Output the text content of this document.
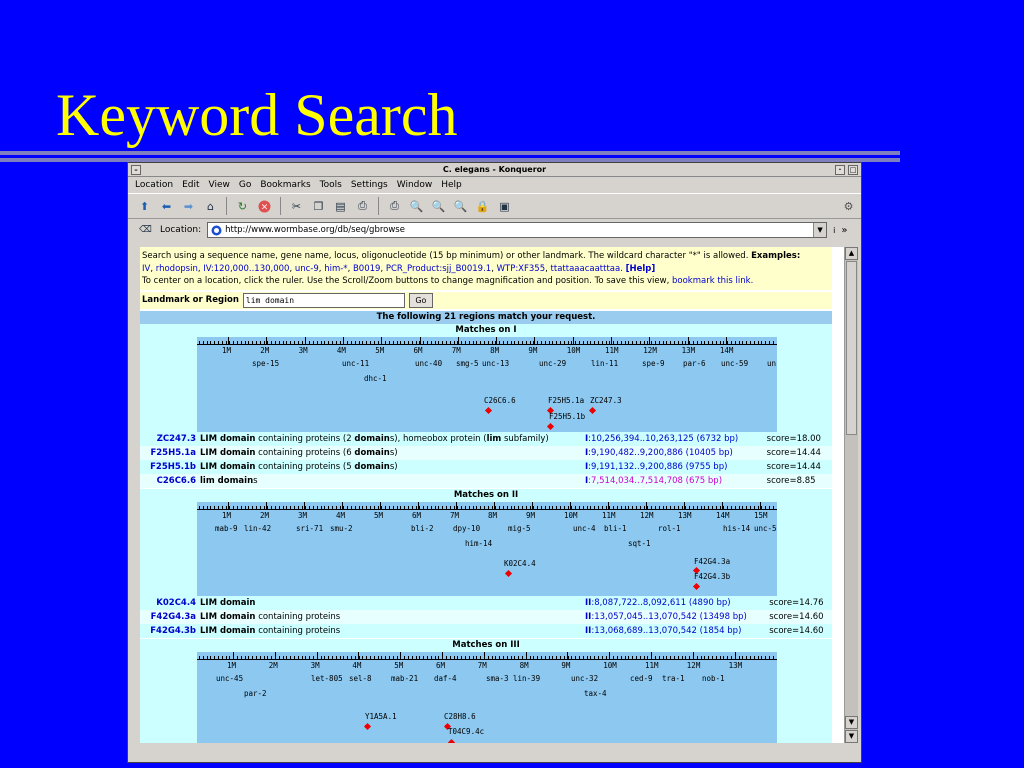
Keyword Search
–	C. elegans - Konqueror	·	□
Location Edit View Go Bookmarks Tools Settings Window Help
⬆	⬅	➡	⌂	↻	×	✂	❐	▤	⎙	⎙ 🔍 🔍 🔍 🔒 ▣	⚙
⌫ Location:	http://www.wormbase.org/db/seq/gbrowse	▼	ⅰ »
Search using a sequence name, gene name, locus, oligonucleotide (15 bp minimum) or other landmark. The wildcard character "*" is allowed. Examples:
IV, rhodopsin, IV:120,000..130,000, unc-9, him-*, B0019, PCR_Product:sjj_B0019.1, WTP:XF355, ttattaaacaatttaa. [Help]
To center on a location, click the ruler. Use the Scroll/Zoom buttons to change magnification and position. To save this view, bookmark this link.
Landmark or Region lim domain	Go
The following 21 regions match your request.
Matches on I
spe-15	unc-11	unc-40 smg-5 unc-13	unc-29	lin-11	spe-9 par-6 unc-59	un
dhc-1
C26C6.6	F25H5.1a ZC247.3
F25H5.1b
1M	2M	3M	4M	5M	6M	7M	8M	9M	10M	11M	12M	13M	14M
ZC247.3	LIM domain containing proteins (2 domains), homeobox protein (lim subfamily)	I:10,256,394..10,263,125 (6732 bp)	score=18.00
F25H5.1a	LIM domain containing proteins (6 domains)	I:9,190,482..9,200,886 (10405 bp)	score=14.44
F25H5.1b	LIM domain containing proteins (5 domains)	I:9,191,132..9,200,886 (9755 bp)	score=14.44
C26C6.6	lim domains	I:7,514,034..7,514,708 (675 bp)	score=8.85
Matches on II
mab-9 lin-42	sri-71 smu-2	bli-2	dpy-10	mig-5	unc-4 bli-1	rol-1	his-14 unc-5
him-14	sqt-1
K02C4.4	F42G4.3a
F42G4.3b
1M	2M	3M	4M	5M	6M	7M	8M	9M	10M	11M	12M	13M	14M	15M
K02C4.4	LIM domain	II:8,087,722..8,092,611 (4890 bp)	score=14.76
F42G4.3a	LIM domain containing proteins	II:13,057,045..13,070,542 (13498 bp)	score=14.60
F42G4.3b	LIM domain containing proteins	II:13,068,689..13,070,542 (1854 bp)	score=14.60
Matches on III
unc-45	let-805 sel-8	mab-21 daf-4	sma-3 lin-39	unc-32	ced-9 tra-1 nob-1
par-2	tax-4
Y1A5A.1	C28H8.6
T04C9.4c
1M	2M	3M	4M	5M	6M	7M	8M	9M	10M	11M	12M	13M
▲
▼
▼
